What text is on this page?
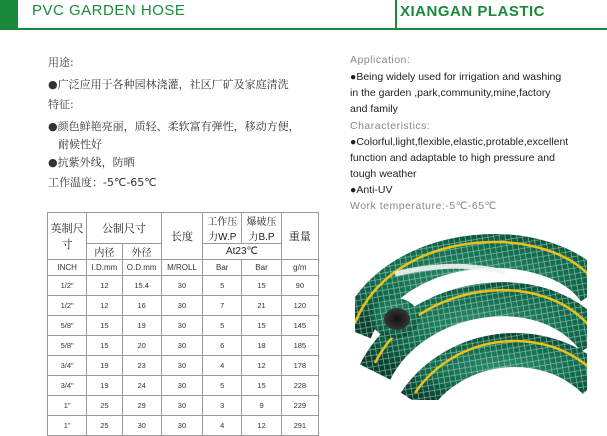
PVC GARDEN HOSE	XIANGAN PLASTIC
用途:
●广泛应用于各种园林浇灌，社区厂矿及家庭清洗
特征:
●颜色鲜艳亮丽，质轻、柔软富有弹性，移动方便，
耐候性好
●抗紫外线，防晒
工作温度：-5℃-65℃
Application:
●Being widely used for irrigation and washing
in the garden ,park,community,mine,factory
and family
Characteristics:
●Colorful,light,flexible,elastic,protable,excellent
function and adaptable to high pressure and
tough weather
●Anti-UV
Work temperature:-5℃-65℃
英制尺寸	公制尺寸		长度	工作压力W.P	爆破压力B.P	重量
	内径	外径		At23℃		
INCH	I.D.mm	O.D.mm	M/ROLL	Bar	Bar	g/m
1/2"	12	15.4	30	5	15	90
1/2"	12	16	30	7	21	120
5/8"	15	19	30	5	15	145
5/8"	15	20	30	6	18	185
3/4"	19	23	30	4	12	178
3/4"	19	24	30	5	15	228
1"	25	29	30	3	9	229
1"	25	30	30	4	12	291
